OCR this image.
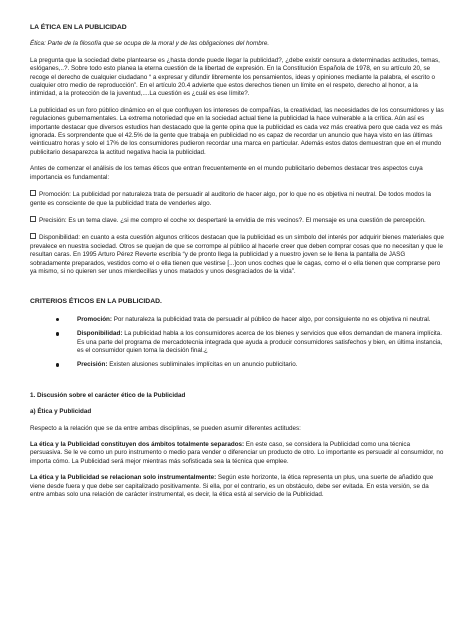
LA ÉTICA EN LA PUBLICIDAD
Ética: Parte de la filosofía que se ocupa de la moral y de las obligaciones del hombre.

La pregunta que la sociedad debe plantearse es ¿hasta donde puede llegar la publicidad?, ¿debe existir censura a determinadas actitudes, temas, eslóganes,..?. Sobre todo esto planea la eterna cuestión de la libertad de expresión. En la Constitución Española de 1978, en su artículo 20, se recoge el derecho de cualquier ciudadano “ a expresar y difundir libremente los pensamientos, ideas y opiniones mediante la palabra, el escrito o cualquier otro medio de reproducción”. En el artículo 20.4 advierte que estos derechos tienen un límite en el respeto, derecho al honor, a la intimidad, a la protección de la juventud,....La cuestión es ¿cuál es ese límite?.

La publicidad es un foro público dinámico en el que confluyen los intereses de compañías, la creatividad, las necesidades de los consumidores y las regulaciones gubernamentales. La extrema notoriedad que en la sociedad actual tiene la publicidad la hace vulnerable a la crítica. Aún así es importante destacar que diversos estudios han destacado que la gente opina que la publicidad es cada vez más creativa pero que cada vez es más ignorada. Es sorprendente que el 42.5% de la gente que trabaja en publicidad no es capaz de recordar un anuncio que haya visto en las últimas veinticuatro horas y solo el 17% de los consumidores pudieron recordar una marca en particular. Además estos datos demuestran que en el mundo publicitario desaparezca la actitud negativa hacia la publicidad.

Antes de comenzar el análisis de los temas éticos que entran frecuentemente en el mundo publicitario debemos destacar tres aspectos cuya importancia es fundamental:

Promoción: La publicidad por naturaleza trata de persuadir al auditorio de hacer algo, por lo que no es objetiva ni neutral. De todos modos la gente es consciente de que la publicidad trata de venderles algo.
Precisión: Es un tema clave. ¿si me compro el coche xx despertaré la envidia de mis vecinos?. El mensaje es una cuestión de percepción.
Disponibilidad: en cuanto a esta cuestión algunos críticos destacan que la publicidad es un símbolo del interés por adquirir bienes materiales que prevalece en nuestra sociedad. Otros se quejan de que se corrompe al público al hacerle creer que deben comprar cosas que no necesitan y que le resultan caras. En 1995 Arturo Pérez Reverte escribía “y de pronto llega la publicidad y a nuestro joven se le llena la pantalla de JASG sobradamente preparados, vestidos como el o ella tienen que vestirse [...]con unos coches que le cagas, como el o ella tienen que comprarse pero ya mismo, si no quieren ser unos mierdecillas y unos matados y unos desgraciados de la vida”.
CRITERIOS ÉTICOS EN LA PUBLICIDAD.
Promoción: Por naturaleza la publicidad trata de persuadir al público de hacer algo, por consiguiente no es objetiva ni neutral.
Disponibilidad: La publicidad habla a los consumidores acerca de los bienes y servicios que ellos demandan de manera implícita. Es una parte del programa de mercadotecnia integrada que ayuda a producir consumidores satisfechos y bien, en última instancia, es el consumidor quien toma la decisión final.¿
Precisión: Existen alusiones subliminales implícitas en un anuncio publicitario.
1. Discusión sobre el carácter ético de la Publicidad
a) Ética y Publicidad

Respecto a la relación que se da entre ambas disciplinas, se pueden asumir diferentes actitudes:

La ética y la Publicidad constituyen dos ámbitos totalmente separados: En este caso, se considera la Publicidad como una técnica persuasiva. Se le ve como un puro instrumento o medio para vender o diferenciar un producto de otro. Lo importante es persuadir al consumidor, no importa cómo. La Publicidad será mejor mientras más sofisticada sea la técnica que emplee.

La ética y la Publicidad se relacionan solo instrumentalmente: Según este horizonte, la ética representa un plus, una suerte de añadido que viene desde fuera y que debe ser capitalizado positivamente. Si ella, por el contrario, es un obstáculo, debe ser evitada. En esta versión, se da entre ambas solo una relación de carácter instrumental, es decir, la ética está al servicio de la Publicidad.
